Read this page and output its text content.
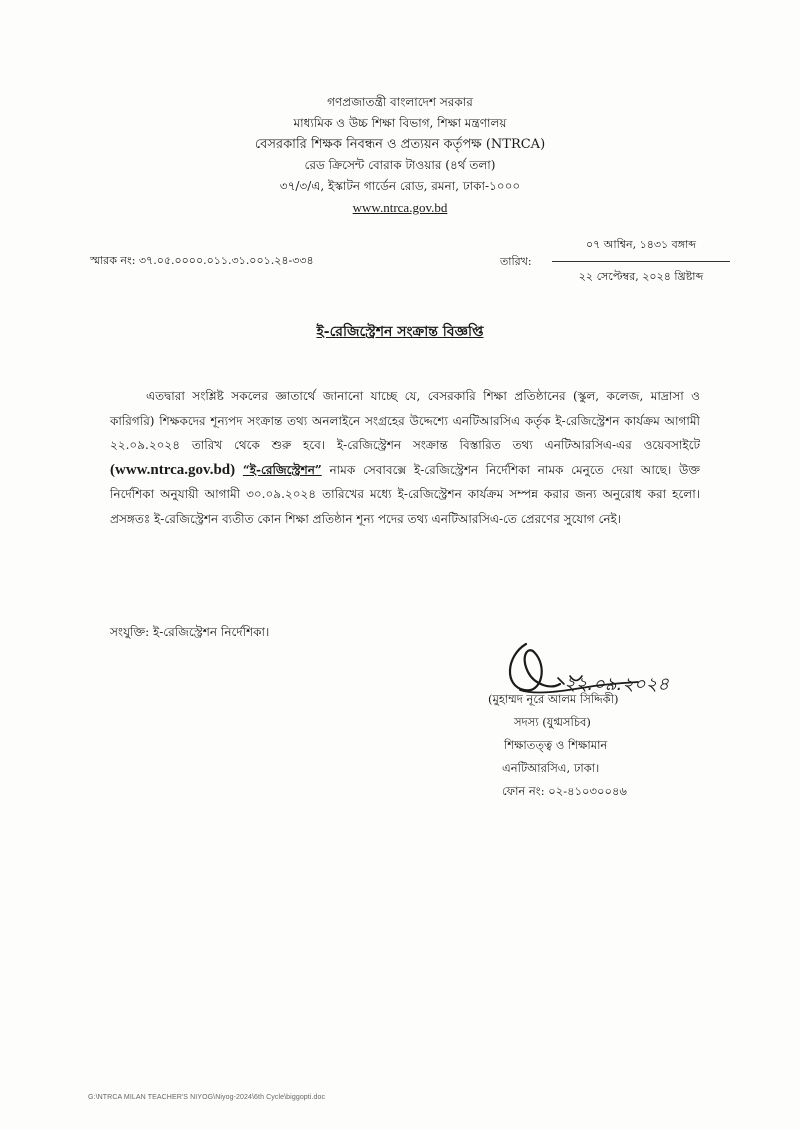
গণপ্রজাতন্ত্রী বাংলাদেশ সরকার
মাধ্যমিক ও উচ্চ শিক্ষা বিভাগ, শিক্ষা মন্ত্রণালয়
বেসরকারি শিক্ষক নিবন্ধন ও প্রত্যয়ন কর্তৃপক্ষ (NTRCA)
রেড ক্রিসেন্ট বোরাক টাওয়ার (৪র্থ তলা)
৩৭/৩/এ, ইস্কাটন গার্ডেন রোড, রমনা, ঢাকা-১০০০
www.ntrca.gov.bd
স্মারক নং: ৩৭.০৫.০০০০.০১১.৩১.০০১.২৪-৩৩৪	তারিখ:
০৭ আশ্বিন, ১৪৩১ বঙ্গাব্দ
২২ সেপ্টেম্বর, ২০২৪ খ্রিষ্টাব্দ
ই-রেজিস্ট্রেশন সংক্রান্ত বিজ্ঞপ্তি

এতদ্বারা সংশ্লিষ্ট সকলের জ্ঞাতার্থে জানানো যাচ্ছে যে, বেসরকারি শিক্ষা প্রতিষ্ঠানের (স্কুল, কলেজ, মাদ্রাসা ও কারিগরি) শিক্ষকদের শূন্যপদ সংক্রান্ত তথ্য অনলাইনে সংগ্রহের উদ্দেশ্যে এনটিআরসিএ কর্তৃক ই-রেজিস্ট্রেশন কার্যক্রম আগামী ২২.০৯.২০২৪ তারিখ থেকে শুরু হবে। ই-রেজিস্ট্রেশন সংক্রান্ত বিস্তারিত তথ্য এনটিআরসিএ-এর ওয়েবসাইটে (www.ntrca.gov.bd) “ই-রেজিস্ট্রেশন” নামক সেবাবক্সে ই-রেজিস্ট্রেশন নির্দেশিকা নামক মেনুতে দেয়া আছে। উক্ত নির্দেশিকা অনুযায়ী আগামী ৩০.০৯.২০২৪ তারিখের মধ্যে ই-রেজিস্ট্রেশন কার্যক্রম সম্পন্ন করার জন্য অনুরোধ করা হলো। প্রসঙ্গতঃ ই-রেজিস্ট্রেশন ব্যতীত কোন শিক্ষা প্রতিষ্ঠান শূন্য পদের তথ্য এনটিআরসিএ-তে প্রেরণের সুযোগ নেই।

সংযুক্তি: ই-রেজিস্ট্রেশন নির্দেশিকা।
২২.০৯.২০২৪
(মুহাম্মদ নূরে আলম সিদ্দিকী)
সদস্য (যুগ্মসচিব)
শিক্ষাতত্ত্ব ও শিক্ষামান
এনটিআরসিএ, ঢাকা।
ফোন নং: ০২-৪১০৩০০৪৬
G:\NTRCA MILAN TEACHER'S NIYOG\Niyog-2024\6th Cycle\biggopti.doc
